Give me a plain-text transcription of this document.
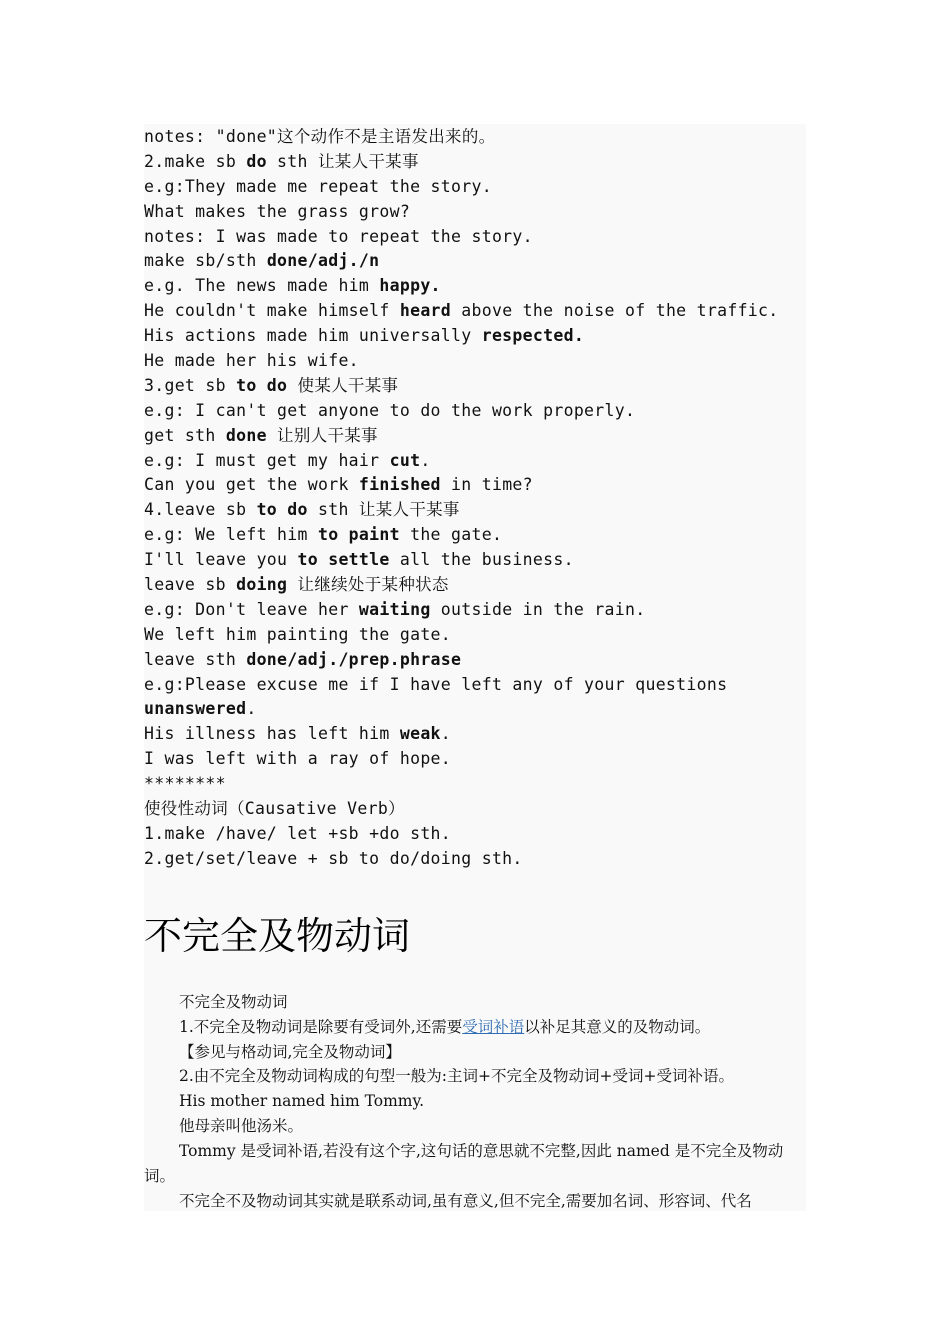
notes: "done"这个动作不是主语发出来的。
2.make sb do sth 让某人干某事
e.g:They made me repeat the story.
What makes the grass grow?
notes: I was made to repeat the story.
make sb/sth done/adj./n
e.g. The news made him happy.
He couldn't make himself heard above the noise of the traffic.
His actions made him universally respected.
He made her his wife.
3.get sb to do 使某人干某事
e.g: I can't get anyone to do the work properly.
get sth done 让别人干某事
e.g: I must get my hair cut.
Can you get the work finished in time?
4.leave sb to do sth 让某人干某事
e.g: We left him to paint the gate.
I'll leave you to settle all the business.
leave sb doing 让继续处于某种状态
e.g: Don't leave her waiting outside in the rain.
We left him painting the gate.
leave sth done/adj./prep.phrase
e.g:Please excuse me if I have left any of your questions
unanswered.
His illness has left him weak.
I was left with a ray of hope.
********
使役性动词（Causative Verb）
1.make /have/ let +sb +do sth.
2.get/set/leave + sb to do/doing sth.
不完全及物动词
不完全及物动词
1.不完全及物动词是除要有受词外,还需要受词补语以补足其意义的及物动词。
【参见与格动词,完全及物动词】
2.由不完全及物动词构成的句型一般为:主词+不完全及物动词+受词+受词补语。
His mother named him Tommy.
他母亲叫他汤米。
Tommy 是受词补语,若没有这个字,这句话的意思就不完整,因此 named 是不完全及物动词。
不完全不及物动词其实就是联系动词,虽有意义,但不完全,需要加名词、形容词、代名
